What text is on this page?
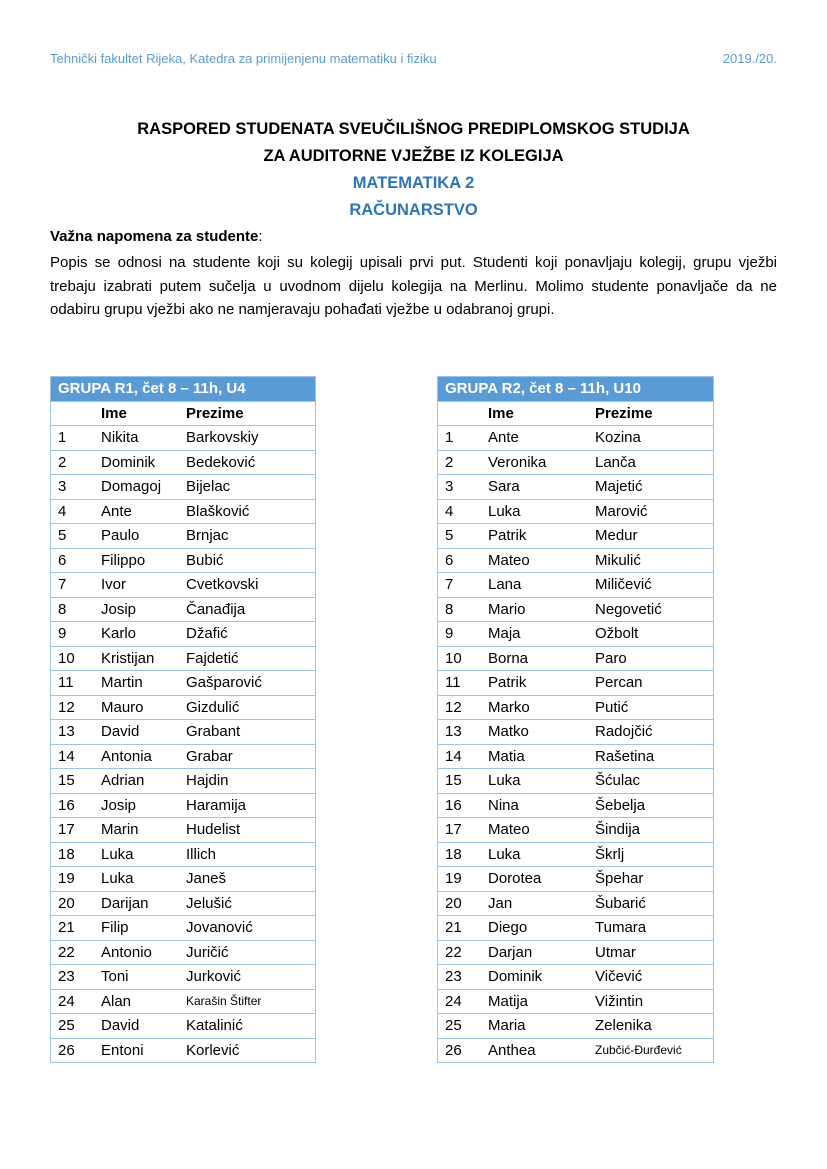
Tehnički fakultet Rijeka, Katedra za primijenjenu matematiku i fiziku	2019./20.
RASPORED STUDENATA SVEUČILIŠNOG PREDIPLOMSKOG STUDIJA
ZA AUDITORNE VJEŽBE IZ KOLEGIJA
MATEMATIKA 2
RAČUNARSTVO
Važna napomena za studente:
Popis se odnosi na studente koji su kolegij upisali prvi put. Studenti koji ponavljaju kolegij, grupu vježbi trebaju izabrati putem sučelja u uvodnom dijelu kolegija na Merlinu. Molimo studente ponavljače da ne odabiru grupu vježbi ako ne namjeravaju pohađati vježbe u odabranoj grupi.
GRUPA R1, čet 8 – 11h, U4		
	Ime	Prezime
1	Nikita	Barkovskiy
2	Dominik	Bedeković
3	Domagoj	Bijelac
4	Ante	Blašković
5	Paulo	Brnjac
6	Filippo	Bubić
7	Ivor	Cvetkovski
8	Josip	Čanađija
9	Karlo	Džafić
10	Kristijan	Fajdetić
11	Martin	Gašparović
12	Mauro	Gizdulić
13	David	Grabant
14	Antonia	Grabar
15	Adrian	Hajdin
16	Josip	Haramija
17	Marin	Hudelist
18	Luka	Illich
19	Luka	Janeš
20	Darijan	Jelušić
21	Filip	Jovanović
22	Antonio	Juričić
23	Toni	Jurković
24	Alan	Karašin Štifter
25	David	Katalinić
26	Entoni	Korlević
GRUPA R2, čet 8 – 11h, U10		
	Ime	Prezime
1	Ante	Kozina
2	Veronika	Lanča
3	Sara	Majetić
4	Luka	Marović
5	Patrik	Medur
6	Mateo	Mikulić
7	Lana	Miličević
8	Mario	Negovetić
9	Maja	Ožbolt
10	Borna	Paro
11	Patrik	Percan
12	Marko	Putić
13	Matko	Radojčić
14	Matia	Rašetina
15	Luka	Šćulac
16	Nina	Šebelja
17	Mateo	Šindija
18	Luka	Škrlj
19	Dorotea	Špehar
20	Jan	Šubarić
21	Diego	Tumara
22	Darjan	Utmar
23	Dominik	Vičević
24	Matija	Vižintin
25	Maria	Zelenika
26	Anthea	Zubčić-Đurđević
